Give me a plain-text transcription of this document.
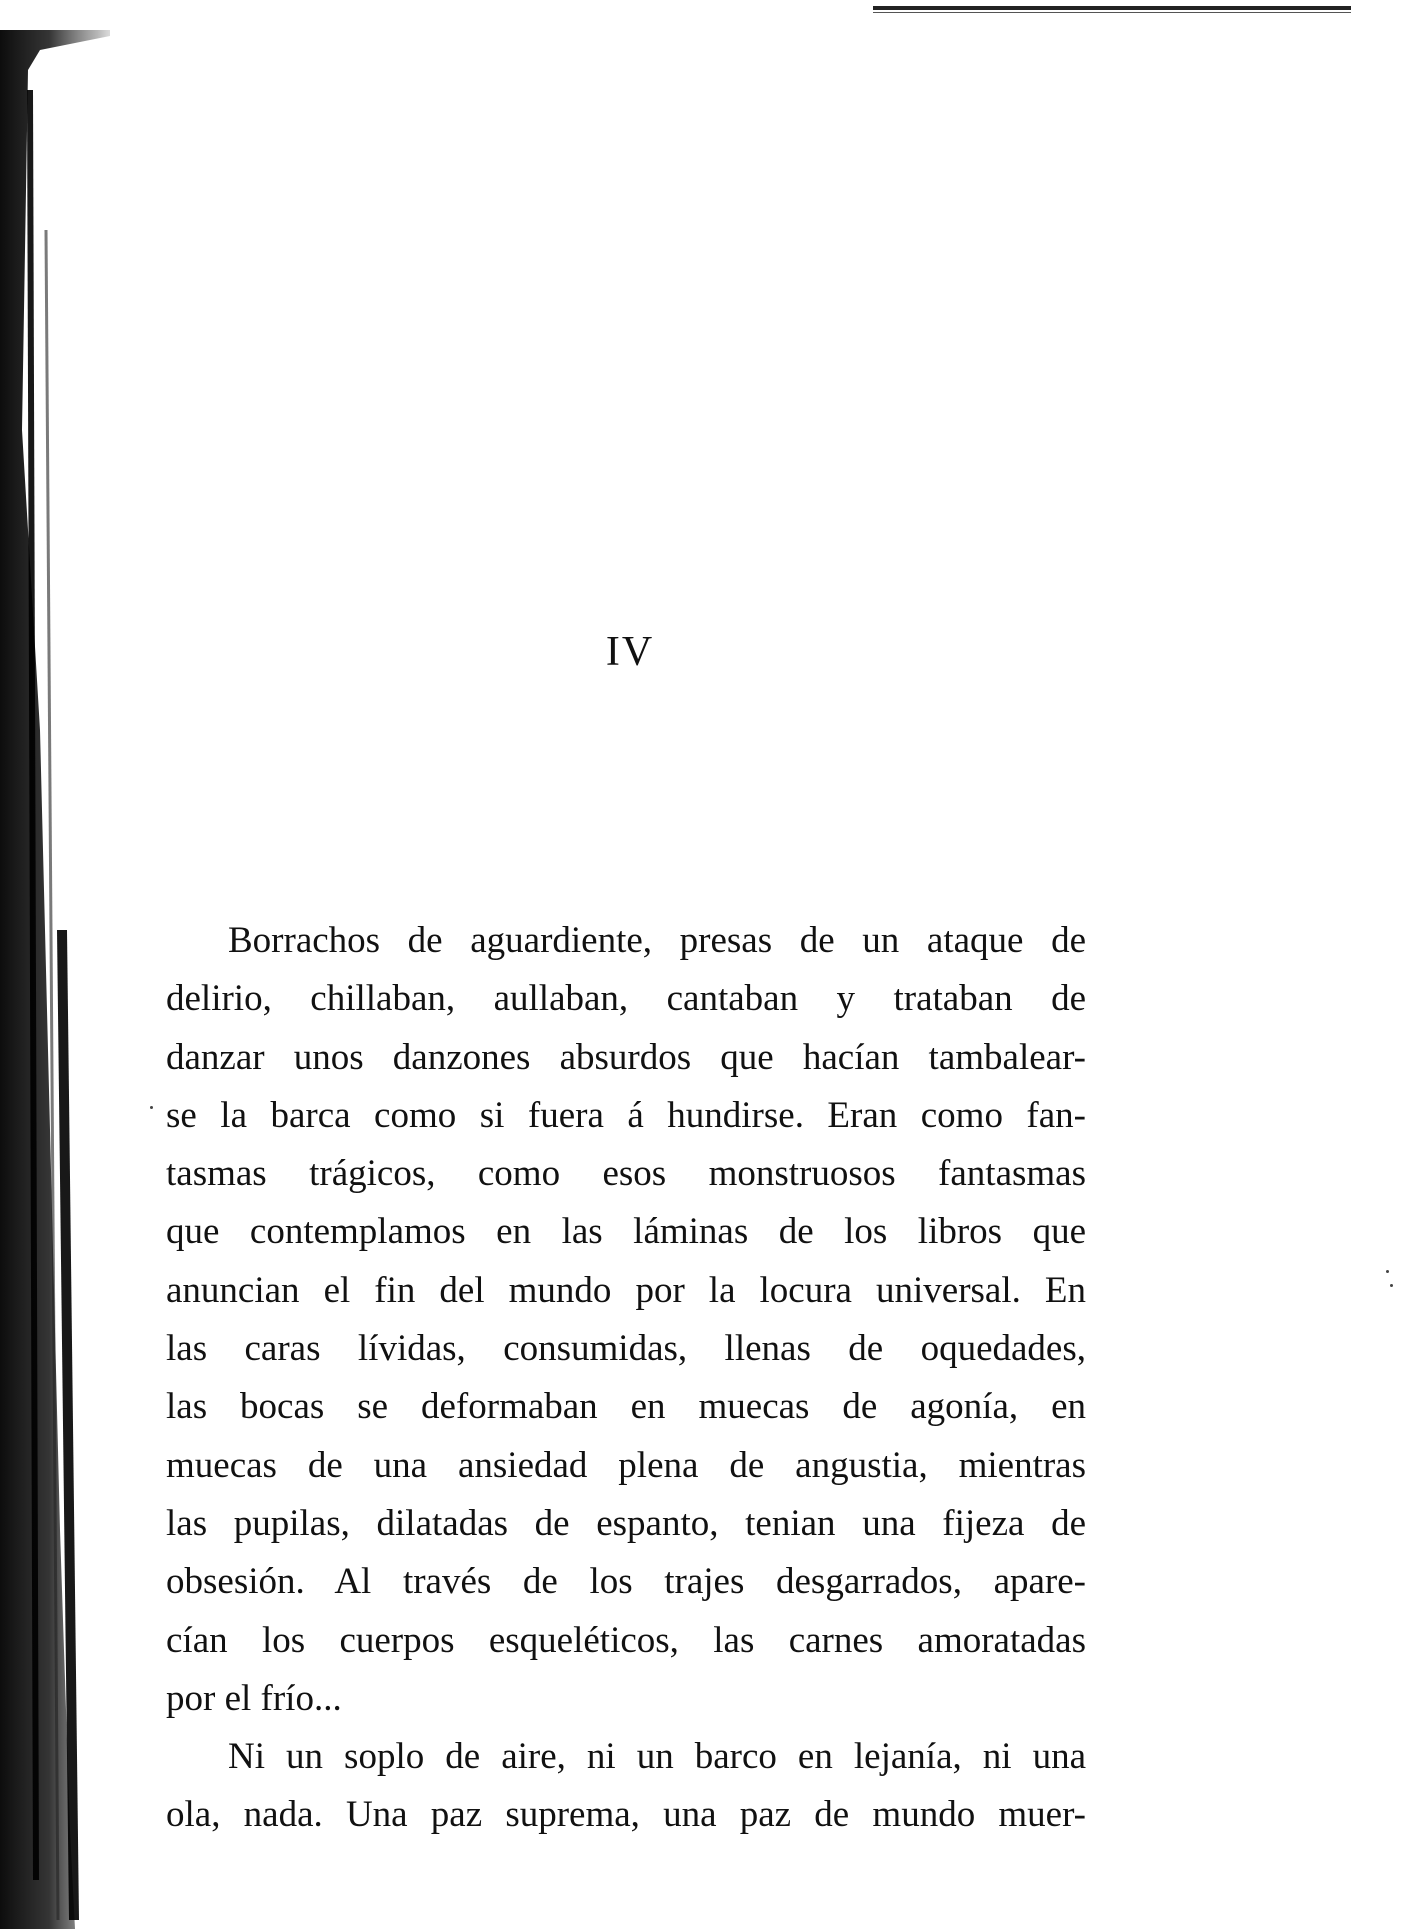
IV
Borrachos de aguardiente, presas de un ataque de
delirio, chillaban, aullaban, cantaban y trataban de
danzar unos danzones absurdos que hacían tambalear-
se la barca como si fuera á hundirse. Eran como fan-
tasmas trágicos, como esos monstruosos fantasmas
que contemplamos en las láminas de los libros que
anuncian el fin del mundo por la locura universal. En
las caras lívidas, consumidas, llenas de oquedades,
las bocas se deformaban en muecas de agonía, en
muecas de una ansiedad plena de angustia, mientras
las pupilas, dilatadas de espanto, tenian una fijeza de
obsesión. Al través de los trajes desgarrados, apare-
cían los cuerpos esqueléticos, las carnes amoratadas
por el frío...
Ni un soplo de aire, ni un barco en lejanía, ni una
ola, nada. Una paz suprema, una paz de mundo muer-
